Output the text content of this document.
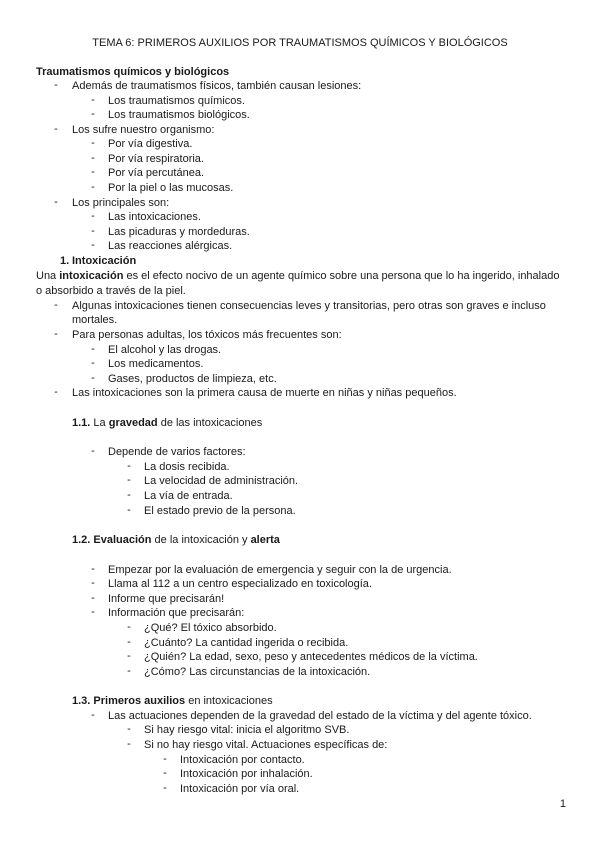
TEMA 6: PRIMEROS AUXILIOS POR TRAUMATISMOS QUÍMICOS Y BIOLÓGICOS
Traumatismos químicos y biológicos
- Además de traumatismos físicos, también causan lesiones:
- Los traumatismos químicos.
- Los traumatismos biológicos.
- Los sufre nuestro organismo:
- Por vía digestiva.
- Por vía respiratoria.
- Por vía percutánea.
- Por la piel o las mucosas.
- Los principales son:
- Las intoxicaciones.
- Las picaduras y mordeduras.
- Las reacciones alérgicas.
1. Intoxicación
Una intoxicación es el efecto nocivo de un agente químico sobre una persona que lo ha ingerido, inhalado
o absorbido a través de la piel.
- Algunas intoxicaciones tienen consecuencias leves y transitorias, pero otras son graves e incluso
mortales.
- Para personas adultas, los tóxicos más frecuentes son:
- El alcohol y las drogas.
- Los medicamentos.
- Gases, productos de limpieza, etc.
- Las intoxicaciones son la primera causa de muerte en niñas y niñas pequeños.
1.1. La gravedad de las intoxicaciones
- Depende de varios factores:
- La dosis recibida.
- La velocidad de administración.
- La vía de entrada.
- El estado previo de la persona.
1.2. Evaluación de la intoxicación y alerta
- Empezar por la evaluación de emergencia y seguir con la de urgencia.
- Llama al 112 a un centro especializado en toxicología.
- Informe que precisarán!
- Información que precisarán:
- ¿Qué? El tóxico absorbido.
- ¿Cuánto? La cantidad ingerida o recibida.
- ¿Quién? La edad, sexo, peso y antecedentes médicos de la víctima.
- ¿Cómo? Las circunstancias de la intoxicación.
1.3. Primeros auxilios en intoxicaciones
- Las actuaciones dependen de la gravedad del estado de la víctima y del agente tóxico.
- Si hay riesgo vital: inicia el algoritmo SVB.
- Si no hay riesgo vital. Actuaciones específicas de:
- Intoxicación por contacto.
- Intoxicación por inhalación.
- Intoxicación por vía oral.
1
